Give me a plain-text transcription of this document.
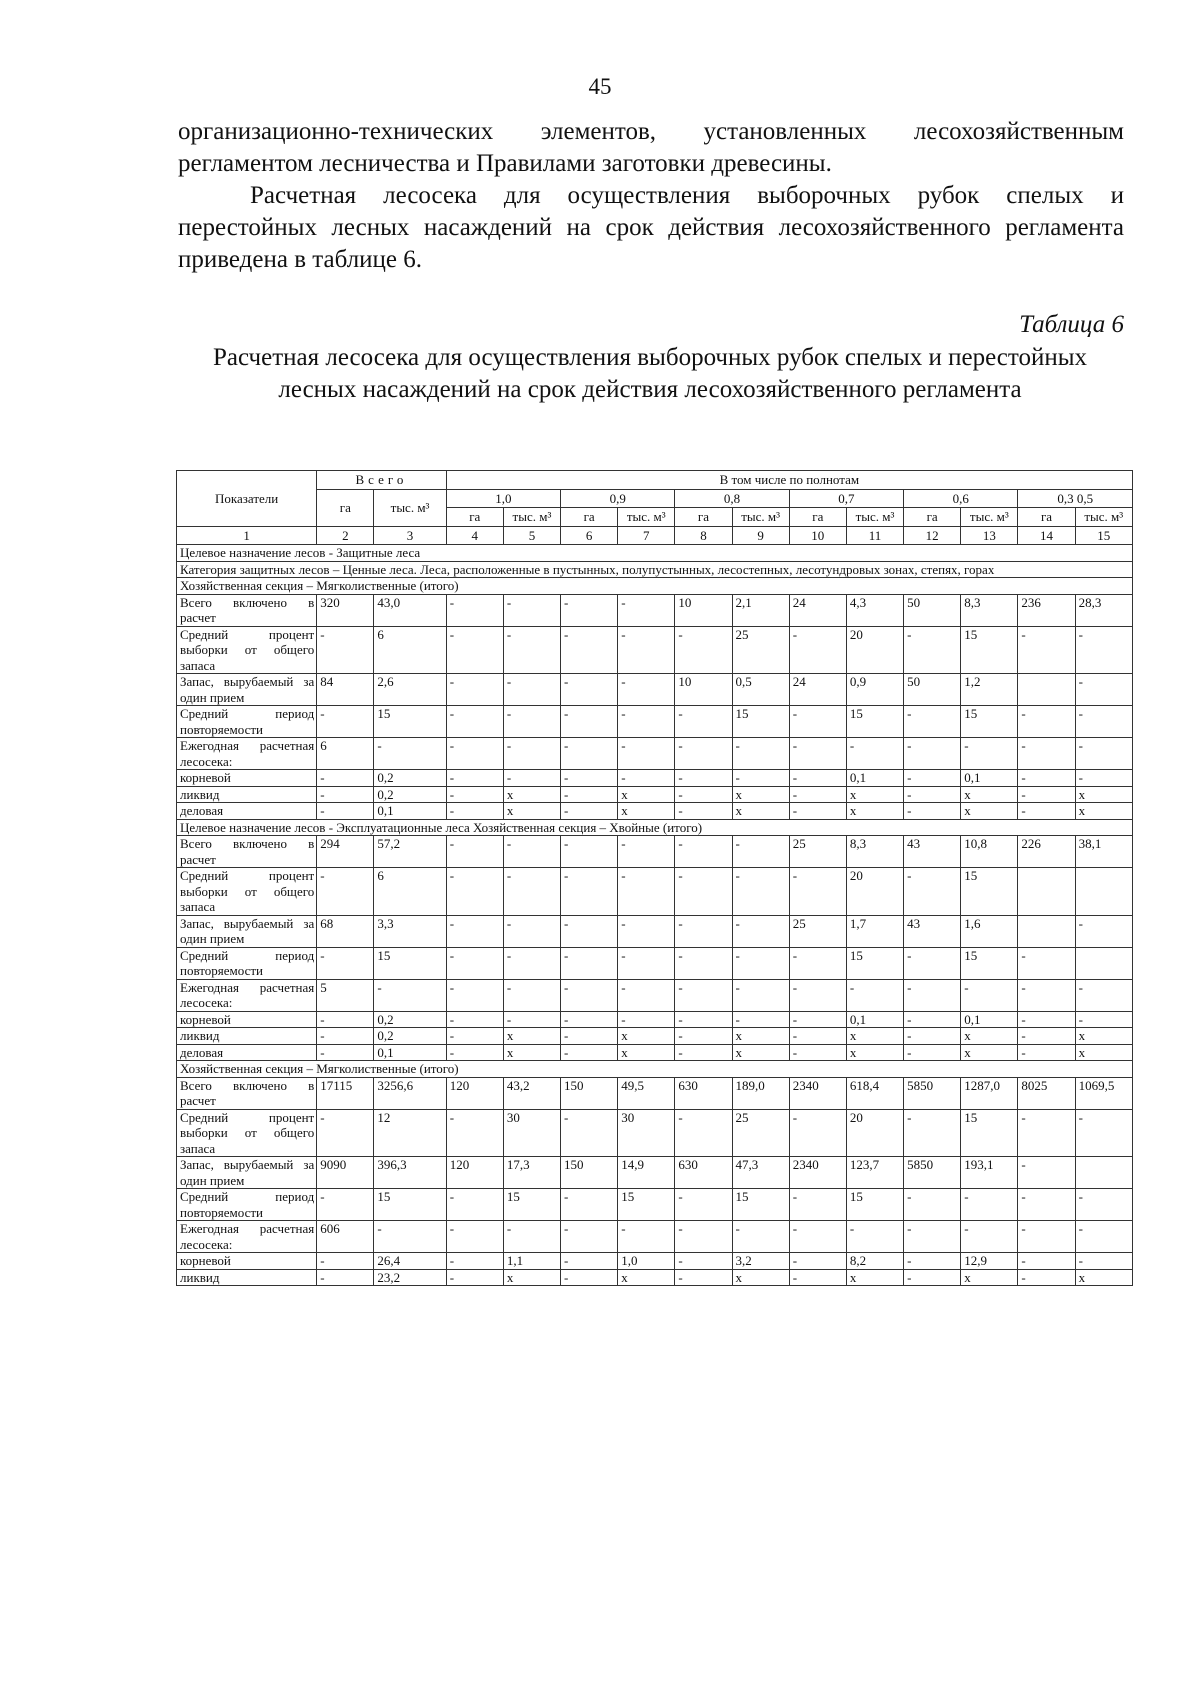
45

организационно-технических элементов, установленных лесохозяйственным регламентом лесничества и Правилами заготовки древесины.

Расчетная лесосека для осуществления выборочных рубок спелых и перестойных лесных насаждений на срок действия лесохозяйственного регламента приведена в таблице 6.

Таблица 6
Расчетная лесосека для осуществления выборочных рубок спелых и перестойных лесных насаждений на срок действия лесохозяйственного регламента
Показатели	Всего		В том числе по полнотам											
	га	тыс. м³	1,0		0,9		0,8		0,7		0,6		0,3 0,5	
			га	тыс. м³	га	тыс. м³	га	тыс. м³	га	тыс. м³	га	тыс. м³	га	тыс. м³
1	2	3	4	5	6	7	8	9	10	11	12	13	14	15
Целевое назначение лесов - Защитные леса														
Категория защитных лесов – Ценные леса. Леса, расположенные в пустынных, полупустынных, лесостепных, лесотундровых зонах, степях, горах														
Хозяйственная секция – Мягколиственные (итого)														
Всего включено в расчет	320	43,0	-	-	-	-	10	2,1	24	4,3	50	8,3	236	28,3
Средний процент выборки от общего запаса	-	6	-	-	-	-	-	25	-	20	-	15	-	-
Запас, вырубаемый за один прием	84	2,6	-	-	-	-	10	0,5	24	0,9	50	1,2		-
Средний период повторяемости	-	15	-	-	-	-	-	15	-	15	-	15	-	-
Ежегодная расчетная лесосека:	6	-	-	-	-	-	-	-	-	-	-	-	-	-
корневой	-	0,2	-	-	-	-	-	-	-	0,1	-	0,1	-	-
ликвид	-	0,2	-	x	-	x	-	x	-	x	-	x	-	x
деловая	-	0,1	-	x	-	x	-	x	-	x	-	x	-	x
Целевое назначение лесов - Эксплуатационные леса Хозяйственная секция – Хвойные (итого)														
Всего включено в расчет	294	57,2	-	-	-	-	-	-	25	8,3	43	10,8	226	38,1
Средний процент выборки от общего запаса	-	6	-	-	-	-	-	-	-	20	-	15		
Запас, вырубаемый за один прием	68	3,3	-	-	-	-	-	-	25	1,7	43	1,6		-
Средний период повторяемости	-	15	-	-	-	-	-	-	-	15	-	15	-	
Ежегодная расчетная лесосека:	5	-	-	-	-	-	-	-	-	-	-	-	-	-
корневой	-	0,2	-	-	-	-	-	-	-	0,1	-	0,1	-	-
ликвид	-	0,2	-	x	-	x	-	x	-	x	-	x	-	x
деловая	-	0,1	-	x	-	x	-	x	-	x	-	x	-	x
Хозяйственная секция – Мягколиственные (итого)														
Всего включено в расчет	17115	3256,6	120	43,2	150	49,5	630	189,0	2340	618,4	5850	1287,0	8025	1069,5
Средний процент выборки от общего запаса	-	12	-	30	-	30	-	25	-	20	-	15	-	-
Запас, вырубаемый за один прием	9090	396,3	120	17,3	150	14,9	630	47,3	2340	123,7	5850	193,1	-	
Средний период повторяемости	-	15	-	15	-	15	-	15	-	15	-	-	-	-
Ежегодная расчетная лесосека:	606	-	-	-	-	-	-	-	-	-	-	-	-	-
корневой	-	26,4	-	1,1	-	1,0	-	3,2	-	8,2	-	12,9	-	-
ликвид	-	23,2	-	x	-	x	-	x	-	x	-	x	-	x
